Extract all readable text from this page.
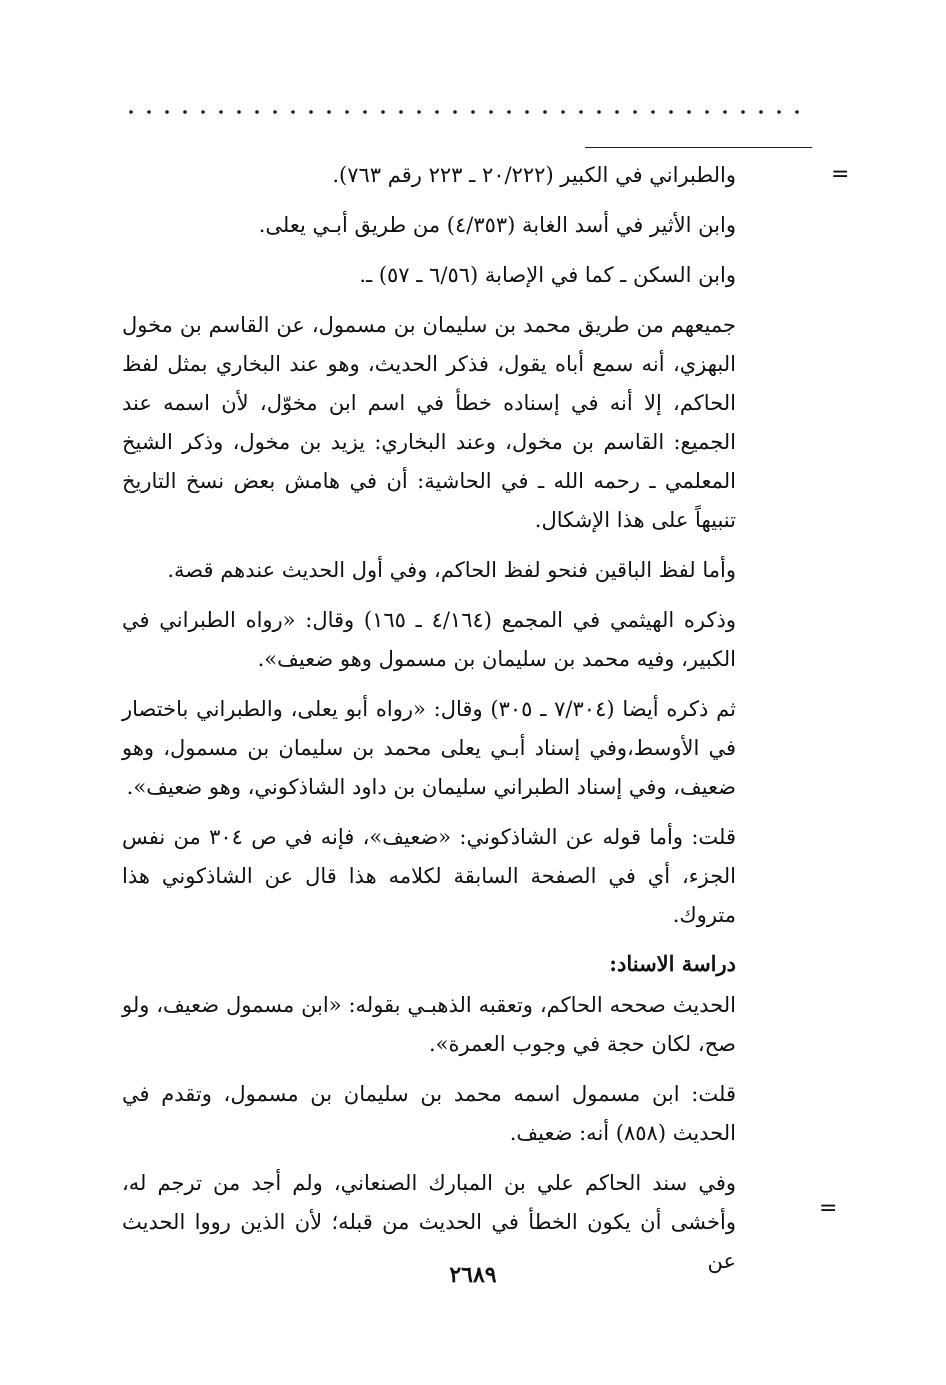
=

والطبراني في الكبير (٢٠/٢٢٢ ـ ٢٢٣ رقم ٧٦٣).

وابن الأثير في أسد الغابة (٤/٣٥٣) من طريق أبـي يعلى.

وابن السكن ـ كما في الإصابة (٦/٥٦ ـ ٥٧) ـ.

جميعهم من طريق محمد بن سليمان بن مسمول، عن القاسم بن مخول البهزي، أنه سمع أباه يقول، فذكر الحديث، وهو عند البخاري بمثل لفظ الحاكم، إلا أنه في إسناده خطأ في اسم ابن مخوّل، لأن اسمه عند الجميع: القاسم بن مخول، وعند البخاري: يزيد بن مخول، وذكر الشيخ المعلمي ـ رحمه الله ـ في الحاشية: أن في هامش بعض نسخ التاريخ تنبيهاً على هذا الإشكال.

وأما لفظ الباقين فنحو لفظ الحاكم، وفي أول الحديث عندهم قصة.

وذكره الهيثمي في المجمع (٤/١٦٤ ـ ١٦٥) وقال: «رواه الطبراني في الكبير، وفيه محمد بن سليمان بن مسمول وهو ضعيف».

ثم ذكره أيضا (٧/٣٠٤ ـ ٣٠٥) وقال: «رواه أبو يعلى، والطبراني باختصار في الأوسط،وفي إسناد أبـي يعلى محمد بن سليمان بن مسمول، وهو ضعيف، وفي إسناد الطبراني سليمان بن داود الشاذكوني، وهو ضعيف».

قلت: وأما قوله عن الشاذكوني: «ضعيف»، فإنه في ص ٣٠٤ من نفس الجزء، أي في الصفحة السابقة لكلامه هذا قال عن الشاذكوني هذا متروك.

دراسة الاسناد:

الحديث صححه الحاكم، وتعقبه الذهبـي بقوله: «ابن مسمول ضعيف، ولو صح، لكان حجة في وجوب العمرة».

قلت: ابن مسمول اسمه محمد بن سليمان بن مسمول، وتقدم في الحديث (٨٥٨) أنه: ضعيف.

وفي سند الحاكم علي بن المبارك الصنعاني، ولم أجد من ترجم له، وأخشى أن يكون الخطأ في الحديث من قبله؛ لأن الذين رووا الحديث عن

=
٢٦٨٩
